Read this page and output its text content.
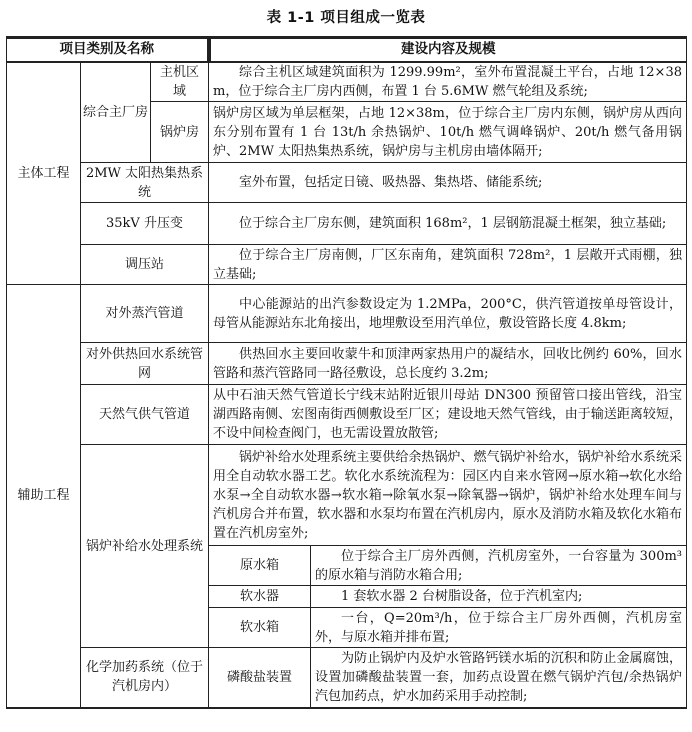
表 1-1 项目组成一览表
项目类别及名称			建设内容及规模	
主体工程	综合主厂房	主机区域	综合主机区域建筑面积为 1299.99m²，室外布置混凝土平台，占地 12×38m，位于综合主厂房内西侧，布置 1 台 5.6MW 燃气轮组及系统;	
		锅炉房	锅炉房区域为单层框架，占地 12×38m，位于综合主厂房内东侧，锅炉房从西向东分别布置有 1 台 13t/h 余热锅炉、10t/h 燃气调峰锅炉、20t/h 燃气备用锅炉、2MW 太阳热集热系统，锅炉房与主机房由墙体隔开;	
	2MW 太阳热集热系统		室外布置，包括定日镜、吸热器、集热塔、储能系统;	
	35kV 升压变		位于综合主厂房东侧，建筑面积 168m²，1 层钢筋混凝土框架，独立基础;	
	调压站		位于综合主厂房南侧，厂区东南角，建筑面积 728m²，1 层敞开式雨棚，独立基础;	
辅助工程	对外蒸汽管道		中心能源站的出汽参数设定为 1.2MPa，200°C，供汽管道按单母管设计，母管从能源站东北角接出，地埋敷设至用汽单位，敷设管路长度 4.8km;	
	对外供热回水系统管网		供热回水主要回收蒙牛和顶津两家热用户的凝结水，回收比例约 60%，回水管路和蒸汽管路同一路径敷设，总长度约 3.2m;	
	天然气供气管道		从中石油天然气管道长宁线末站附近银川母站 DN300 预留管口接出管线，沿宝湖西路南侧、宏图南街西侧敷设至厂区；建设地天然气管线，由于输送距离较短，不设中间检查阀门，也无需设置放散管;	
	锅炉补给水处理系统		锅炉补给水处理系统主要供给余热锅炉、燃气锅炉补给水，锅炉补给水系统采用全自动软水器工艺。软化水系统流程为：园区内自来水管网→原水箱→软化水给水泵→全自动软水器→软水箱→除氧水泵→除氧器→锅炉，锅炉补给水处理车间与汽机房合并布置，软水器和水泵均布置在汽机房内，原水及消防水箱及软化水箱布置在汽机房室外;	
			原水箱	位于综合主厂房外西侧，汽机房室外，一台容量为 300m³ 的原水箱与消防水箱合用;
			软水器	1 套软水器 2 台树脂设备，位于汽机室内;
			软水箱	一台，Q=20m³/h，位于综合主厂房外西侧，汽机房室外，与原水箱并排布置;
	化学加药系统（位于汽机房内）		磷酸盐装置	为防止锅炉内及炉水管路钙镁水垢的沉积和防止金属腐蚀，设置加磷酸盐装置一套，加药点设置在燃气锅炉汽包/余热锅炉汽包加药点，炉水加药采用手动控制;
